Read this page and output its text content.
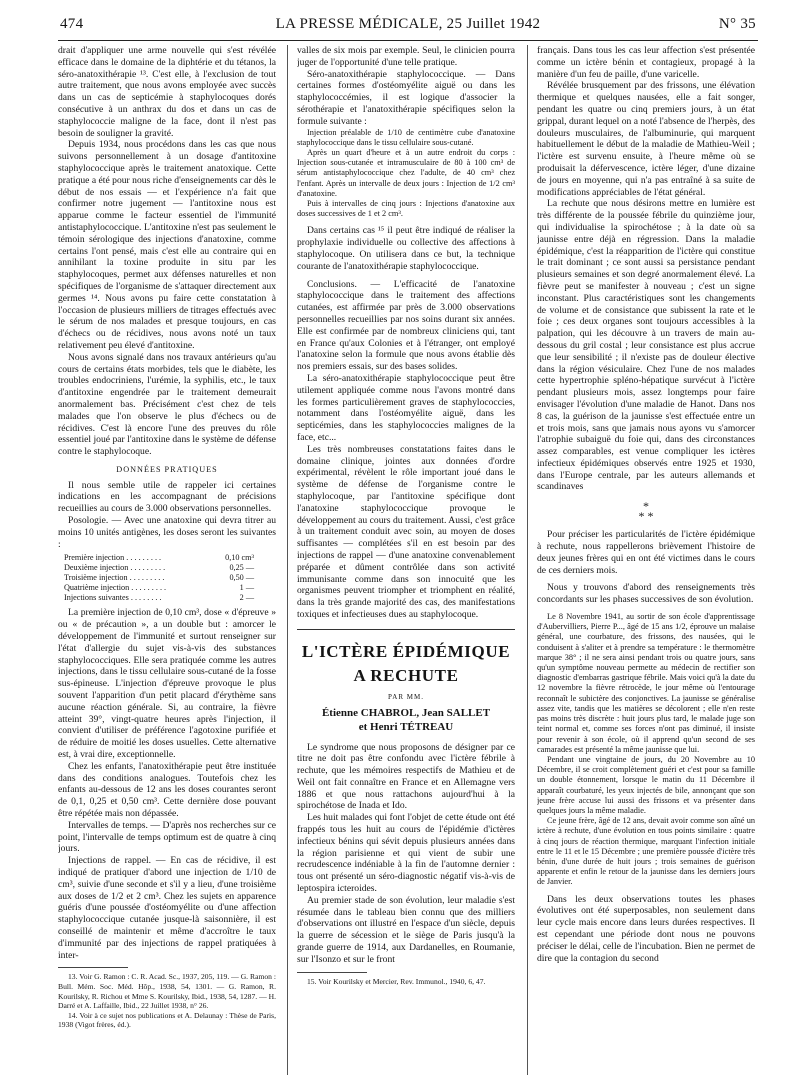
474	LA PRESSE MÉDICALE, 25 Juillet 1942	N° 35

drait d'appliquer une arme nouvelle qui s'est révélée efficace dans le domaine de la diphtérie et du tétanos, la séro-anatoxithérapie ¹³. C'est elle, à l'exclusion de tout autre traitement, que nous avons employée avec succès dans un cas de septicémie à staphylocoques dorés consécutive à un anthrax du dos et dans un cas de staphylococcie maligne de la face, dont il n'est pas besoin de souligner la gravité.

Depuis 1934, nous procédons dans les cas que nous suivons personnellement à un dosage d'antitoxine staphylococcique après le traitement anatoxique. Cette pratique a été pour nous riche d'enseignements car dès le début de nos essais — et l'expérience n'a fait que confirmer notre jugement — l'antitoxine nous est apparue comme le facteur essentiel de l'immunité antistaphylococcique. L'antitoxine n'est pas seulement le témoin sérologique des injections d'anatoxine, comme certains l'ont pensé, mais c'est elle au contraire qui en annihilant la toxine produite in situ par les staphylocoques, permet aux défenses naturelles et non spécifiques de l'organisme de s'attaquer directement aux germes ¹⁴. Nous avons pu faire cette constatation à l'occasion de plusieurs milliers de titrages effectués avec le sérum de nos malades et presque toujours, en cas d'échecs ou de récidives, nous avons noté un taux relativement peu élevé d'antitoxine.

Nous avons signalé dans nos travaux antérieurs qu'au cours de certains états morbides, tels que le diabète, les troubles endocriniens, l'urémie, la syphilis, etc., le taux d'antitoxine engendrée par le traitement demeurait anormalement bas. Précisément c'est chez de tels malades que l'on observe le plus d'échecs ou de récidives. C'est là encore l'une des preuves du rôle essentiel joué par l'antitoxine dans le système de défense contre le staphylocoque.

DONNÉES PRATIQUES

Il nous semble utile de rappeler ici certaines indications en les accompagnant de précisions recueillies au cours de 3.000 observations personnelles.

Posologie. — Avec une anatoxine qui devra titrer au moins 10 unités antigènes, les doses seront les suivantes :

Première injection . . . . . . . . .	0,10 cm³
Deuxième injection . . . . . . . . .	0,25 —
Troisième injection . . . . . . . . .	0,50 —
Quatrième injection . . . . . . . . .	1 —
Injections suivantes . . . . . . . .	2 —

La première injection de 0,10 cm³, dose « d'épreuve » ou « de précaution », a un double but : amorcer le développement de l'immunité et surtout renseigner sur l'état d'allergie du sujet vis-à-vis des substances staphylococciques. Elle sera pratiquée comme les autres injections, dans le tissu cellulaire sous-cutané de la fosse sus-épineuse. L'injection d'épreuve provoque le plus souvent l'apparition d'un petit placard d'érythème sans aucune réaction générale. Si, au contraire, la fièvre atteint 39°, vingt-quatre heures après l'injection, il convient d'utiliser de préférence l'agotoxine purifiée et de réduire de moitié les doses usuelles. Cette alternative est, à vrai dire, exceptionnelle.

Chez les enfants, l'anatoxithérapie peut être instituée dans des conditions analogues. Toutefois chez les enfants au-dessous de 12 ans les doses courantes seront de 0,1, 0,25 et 0,50 cm³. Cette dernière dose pouvant être répétée mais non dépassée.

Intervalles de temps. — D'après nos recherches sur ce point, l'intervalle de temps optimum est de quatre à cinq jours.

Injections de rappel. — En cas de récidive, il est indiqué de pratiquer d'abord une injection de 1/10 de cm³, suivie d'une seconde et s'il y a lieu, d'une troisième aux doses de 1/2 et 2 cm³. Chez les sujets en apparence guéris d'une poussée d'ostéomyélite ou d'une affection staphylococcique cutanée jusque-là saisonnière, il est conseillé de maintenir et même d'accroître le taux d'immunité par des injections de rappel pratiquées à inter-

13. Voir G. Ramon : C. R. Acad. Sc., 1937, 205, 119. — G. Ramon : Bull. Mém. Soc. Méd. Hôp., 1938, 54, 1301. — G. Ramon, R. Kourilsky, R. Richou et Mme S. Kourilsky, Ibid., 1938, 54, 1287. — H. Darré et A. Laffaille, Ibid., 22 Juillet 1938, n° 26.

14. Voir à ce sujet nos publications et A. Delaunay : Thèse de Paris, 1938 (Vigot frères, éd.).

valles de six mois par exemple. Seul, le clinicien pourra juger de l'opportunité d'une telle pratique.

Séro-anatoxithérapie staphylococcique. — Dans certaines formes d'ostéomyélite aiguë ou dans les staphylococcémies, il est logique d'associer la sérothérapie et l'anatoxithérapie spécifiques selon la formule suivante :

Injection préalable de 1/10 de centimètre cube d'anatoxine staphylococcique dans le tissu cellulaire sous-cutané.

Après un quart d'heure et à un autre endroit du corps : Injection sous-cutanée et intramusculaire de 80 à 100 cm³ de sérum antistaphylococcique chez l'adulte, de 40 cm³ chez l'enfant. Après un intervalle de deux jours : Injection de 1/2 cm³ d'anatoxine.

Puis à intervalles de cinq jours : Injections d'anatoxine aux doses successives de 1 et 2 cm³.

Dans certains cas ¹⁵ il peut être indiqué de réaliser la prophylaxie individuelle ou collective des affections à staphylocoque. On utilisera dans ce but, la technique courante de l'anatoxithérapie staphylococcique.

Conclusions. — L'efficacité de l'anatoxine staphylococcique dans le traitement des affections cutanées, est affirmée par près de 3.000 observations personnelles recueillies par nos soins durant six années. Elle est confirmée par de nombreux cliniciens qui, tant en France qu'aux Colonies et à l'étranger, ont employé l'anatoxine selon la formule que nous avons établie dès nos premiers essais, sur des bases solides.

La séro-anatoxithérapie staphylococcique peut être utilement appliquée comme nous l'avons montré dans les formes particulièrement graves de staphylococcies, notamment dans l'ostéomyélite aiguë, dans les septicémies, dans les staphylococcies malignes de la face, etc...

Les très nombreuses constatations faites dans le domaine clinique, jointes aux données d'ordre expérimental, révèlent le rôle important joué dans le système de défense de l'organisme contre le staphylocoque, par l'antitoxine spécifique dont l'anatoxine staphylococcique provoque le développement au cours du traitement. Aussi, c'est grâce à un traitement conduit avec soin, au moyen de doses suffisantes — complétées s'il en est besoin par des injections de rappel — d'une anatoxine convenablement préparée et dûment contrôlée dans son activité immunisante comme dans son innocuité que les organismes peuvent triompher et triomphent en réalité, dans la très grande majorité des cas, des manifestations toxiques et infectieuses dues au staphylocoque.

L'ICTÈRE ÉPIDÉMIQUE A RECHUTE
PAR MM.
Étienne CHABROL, Jean SALLET
et Henri TÉTREAU

Le syndrome que nous proposons de désigner par ce titre ne doit pas être confondu avec l'ictère fébrile à rechute, que les mémoires respectifs de Mathieu et de Weil ont fait connaître en France et en Allemagne vers 1886 et que nous rattachons aujourd'hui à la spirochétose de Inada et Ido.

Les huit malades qui font l'objet de cette étude ont été frappés tous les huit au cours de l'épidémie d'ictères infectieux bénins qui sévit depuis plusieurs années dans la région parisienne et qui vient de subir une recrudescence indéniable à la fin de l'automne dernier : tous ont présenté un séro-diagnostic négatif vis-à-vis de leptospira icteroides.

Au premier stade de son évolution, leur maladie s'est résumée dans le tableau bien connu que des milliers d'observations ont illustré en l'espace d'un siècle, depuis la guerre de sécession et le siège de Paris jusqu'à la grande guerre de 1914, aux Dardanelles, en Roumanie, sur l'Isonzo et sur le front

15. Voir Kourilsky et Mercier, Rev. Immunol., 1940, 6, 47.

français. Dans tous les cas leur affection s'est présentée comme un ictère bénin et contagieux, propagé à la manière d'un feu de paille, d'une varicelle.

Révélée brusquement par des frissons, une élévation thermique et quelques nausées, elle a fait songer, pendant les quatre ou cinq premiers jours, à un état grippal, durant lequel on a noté l'absence de l'herpès, des douleurs musculaires, de l'albuminurie, qui marquent habituellement le début de la maladie de Mathieu-Weil ; l'ictère est survenu ensuite, à l'heure même où se produisait la défervescence, ictère léger, d'une dizaine de jours en moyenne, qui n'a pas entraîné à sa suite de modifications appréciables de l'état général.

La rechute que nous désirons mettre en lumière est très différente de la poussée fébrile du quinzième jour, qui individualise la spirochétose ; à la date où sa jaunisse entre déjà en régression. Dans la maladie épidémique, c'est la réapparition de l'ictère qui constitue le trait dominant ; ce sont aussi sa persistance pendant plusieurs semaines et son degré anormalement élevé. La fièvre peut se manifester à nouveau ; c'est un signe inconstant. Plus caractéristiques sont les changements de volume et de consistance que subissent la rate et le foie ; ces deux organes sont toujours accessibles à la palpation, qui les découvre à un travers de main au-dessous du gril costal ; leur consistance est plus accrue que leur sensibilité ; il n'existe pas de douleur élective dans la région vésiculaire. Chez l'une de nos malades cette hypertrophie spléno-hépatique survécut à l'ictère pendant plusieurs mois, assez longtemps pour faire envisager l'évolution d'une maladie de Hanot. Dans nos 8 cas, la guérison de la jaunisse s'est effectuée entre un et trois mois, sans que jamais nous ayons vu s'amorcer l'atrophie subaiguë du foie qui, dans des circonstances assez comparables, est venue compliquer les ictères infectieux épidémiques observés entre 1925 et 1930, dans l'Europe centrale, par les auteurs allemands et scandinaves

*
* *

Pour préciser les particularités de l'ictère épidémique à rechute, nous rappellerons brièvement l'histoire de deux jeunes frères qui en ont été victimes dans le cours de ces derniers mois.

Nous y trouvons d'abord des renseignements très concordants sur les phases successives de son évolution.

Le 8 Novembre 1941, au sortir de son école d'apprentissage d'Aubervilliers, Pierre P..., âgé de 15 ans 1/2, éprouve un malaise général, une courbature, des frissons, des nausées, qui le conduisent à s'aliter et à prendre sa température : le thermomètre marque 38° ; il ne sera ainsi pendant trois ou quatre jours, sans qu'un symptôme nouveau permette au médecin de rectifier son diagnostic d'embarras gastrique fébrile. Mais voici qu'à la date du 12 novembre la fièvre rétrocède, le jour même où l'entourage reconnaît le subictère des conjonctives. La jaunisse se généralise assez vite, tandis que les matières se décolorent ; elle n'en reste pas moins très discrète : huit jours plus tard, le malade juge son teint normal et, comme ses forces n'ont pas diminué, il insiste pour revenir à son école, où il apprend qu'un second de ses camarades est présenté la même jaunisse que lui.

Pendant une vingtaine de jours, du 20 Novembre au 10 Décembre, il se croit complètement guéri et c'est pour sa famille un double étonnement, lorsque le matin du 11 Décembre il apparaît courbaturé, les yeux injectés de bile, annonçant que son jeune frère accuse lui aussi des frissons et va présenter dans quelques jours la même maladie.

Ce jeune frère, âgé de 12 ans, devait avoir comme son aîné un ictère à rechute, d'une évolution en tous points similaire : quatre à cinq jours de réaction thermique, marquant l'infection initiale entre le 11 et le 15 Décembre ; une première poussée d'ictère très bénin, d'une durée de huit jours ; trois semaines de guérison apparente et enfin le retour de la jaunisse dans les derniers jours de Janvier.

Dans les deux observations toutes les phases évolutives ont été superposables, non seulement dans leur cycle mais encore dans leurs durées respectives. Il est cependant une période dont nous ne pouvons préciser le délai, celle de l'incubation. Bien ne permet de dire que la contagion du second
